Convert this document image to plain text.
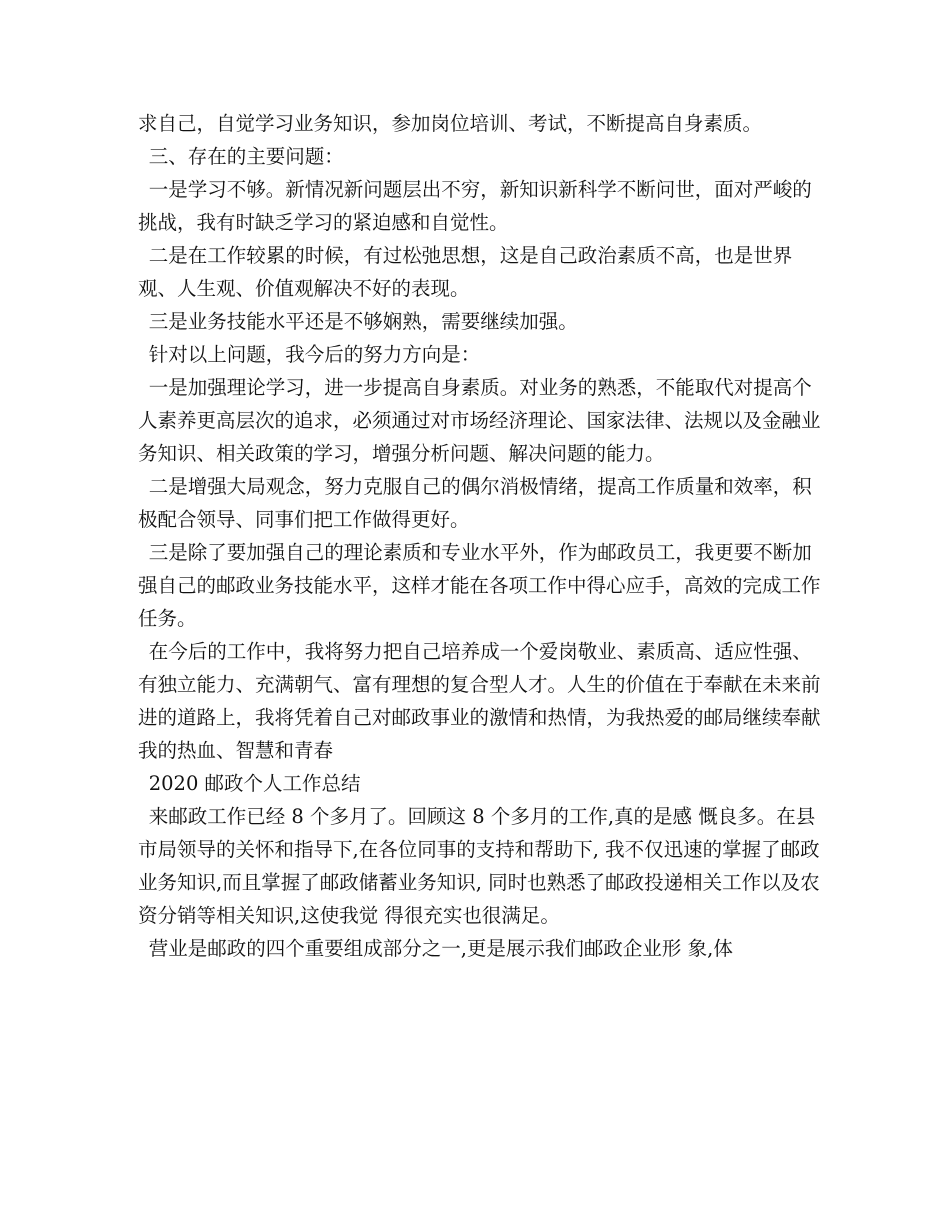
求自己，自觉学习业务知识，参加岗位培训、考试，不断提高自身素质。

三、存在的主要问题：

一是学习不够。新情况新问题层出不穷，新知识新科学不断问世，面对严峻的挑战，我有时缺乏学习的紧迫感和自觉性。

二是在工作较累的时候，有过松弛思想，这是自己政治素质不高，也是世界观、人生观、价值观解决不好的表现。

三是业务技能水平还是不够娴熟，需要继续加强。

针对以上问题，我今后的努力方向是：

一是加强理论学习，进一步提高自身素质。对业务的熟悉，不能取代对提高个人素养更高层次的追求，必须通过对市场经济理论、国家法律、法规以及金融业务知识、相关政策的学习，增强分析问题、解决问题的能力。

二是增强大局观念，努力克服自己的偶尔消极情绪，提高工作质量和效率，积极配合领导、同事们把工作做得更好。

三是除了要加强自己的理论素质和专业水平外，作为邮政员工，我更要不断加强自己的邮政业务技能水平，这样才能在各项工作中得心应手，高效的完成工作任务。

在今后的工作中，我将努力把自己培养成一个爱岗敬业、素质高、适应性强、有独立能力、充满朝气、富有理想的复合型人才。人生的价值在于奉献在未来前进的道路上，我将凭着自己对邮政事业的激情和热情，为我热爱的邮局继续奉献我的热血、智慧和青春

2020 邮政个人工作总结

来邮政工作已经 8 个多月了。回顾这 8 个多月的工作,真的是感 慨良多。在县市局领导的关怀和指导下,在各位同事的支持和帮助下, 我不仅迅速的掌握了邮政业务知识,而且掌握了邮政储蓄业务知识, 同时也熟悉了邮政投递相关工作以及农资分销等相关知识,这使我觉 得很充实也很满足。

营业是邮政的四个重要组成部分之一,更是展示我们邮政企业形 象,体
